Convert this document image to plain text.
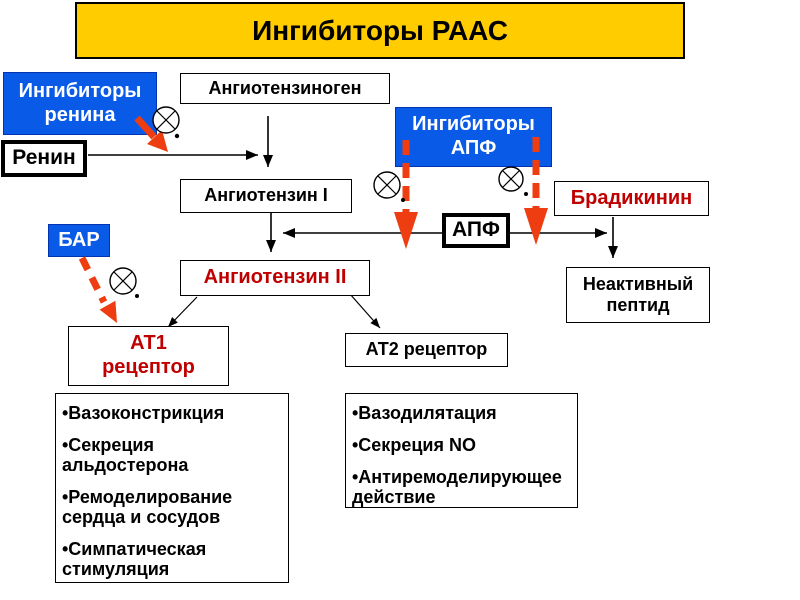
Ингибиторы РААС
Ингибиторы
ренина
Ангиотензиноген
Ингибиторы
АПФ
Ренин
Ангиотензин I	Брадикинин
АПФ
Ангиотензин II	Неактивный
пептид
БАР
АТ1
рецептор
АТ2 рецептор
•Вазоконстрикция
•Секреция альдостерона
•Ремоделирование сердца и сосудов
•Симпатическая стимуляция
•Вазодилятация
•Секреция NO
•Антиремоделирующее действие
